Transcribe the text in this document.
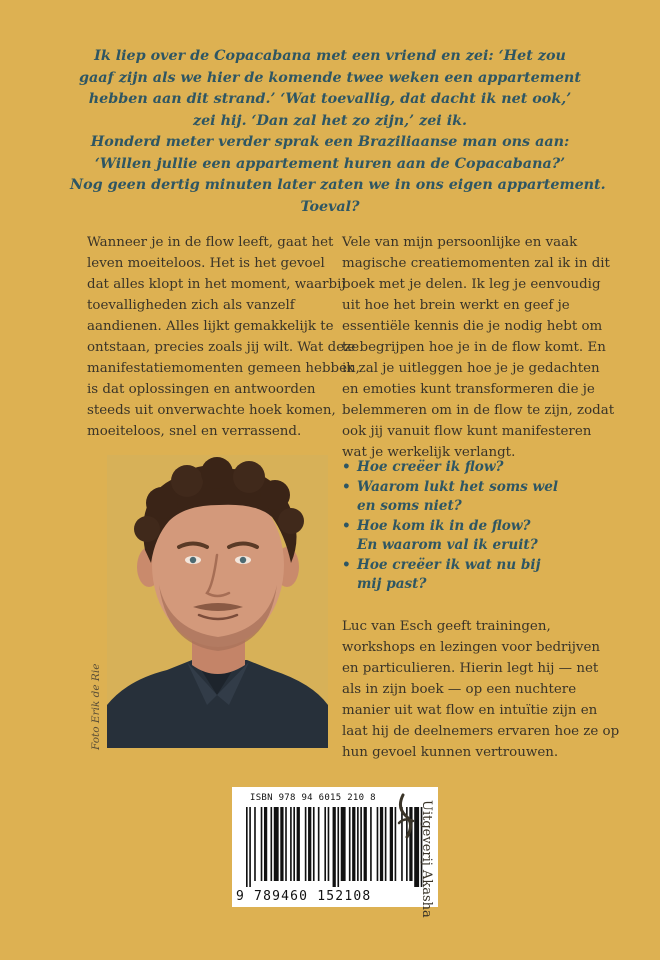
Ik liep over de Copacabana met een vriend en zei: ‘Het zou
gaaf zijn als we hier de komende twee weken een appartement
hebben aan dit strand.’ ‘Wat toevallig, dat dacht ik net ook,’
zei hij. ‘Dan zal het zo zijn,’ zei ik.
Honderd meter verder sprak een Braziliaanse man ons aan:
‘Willen jullie een appartement huren aan de Copacabana?’
Nog geen dertig minuten later zaten we in ons eigen appartement.
Toeval?
Wanneer je in de flow leeft, gaat het
leven moeiteloos. Het is het gevoel
dat alles klopt in het moment, waarbij
toevalligheden zich als vanzelf
aandienen. Alles lijkt gemakkelijk te
ontstaan, precies zoals jij wilt. Wat deze
manifestatiemomenten gemeen hebben,
is dat oplossingen en antwoorden
steeds uit onverwachte hoek komen,
moeiteloos, snel en verrassend.
Vele van mijn persoonlijke en vaak
magische creatiemomenten zal ik in dit
boek met je delen. Ik leg je eenvoudig
uit hoe het brein werkt en geef je
essentiële kennis die je nodig hebt om
te begrijpen hoe je in de flow komt. En
ik zal je uitleggen hoe je je gedachten
en emoties kunt transformeren die je
belemmeren om in de flow te zijn, zodat
ook jij vanuit flow kunt manifesteren
wat je werkelijk verlangt.
• Hoe creëer ik flow?
• Waarom lukt het soms wel
en soms niet?
• Hoe kom ik in de flow?
En waarom val ik eruit?
• Hoe creëer ik wat nu bij
mij past?
Luc van Esch geeft trainingen,
workshops en lezingen voor bedrijven
en particulieren. Hierin legt hij — net
als in zijn boek — op een nuchtere
manier uit wat flow en intuïtie zijn en
laat hij de deelnemers ervaren hoe ze op
hun gevoel kunnen vertrouwen.
Foto Erik de Rie
ISBN 978 94 6015 210 8
9 789460 152108	Uitgeverij Akasha
